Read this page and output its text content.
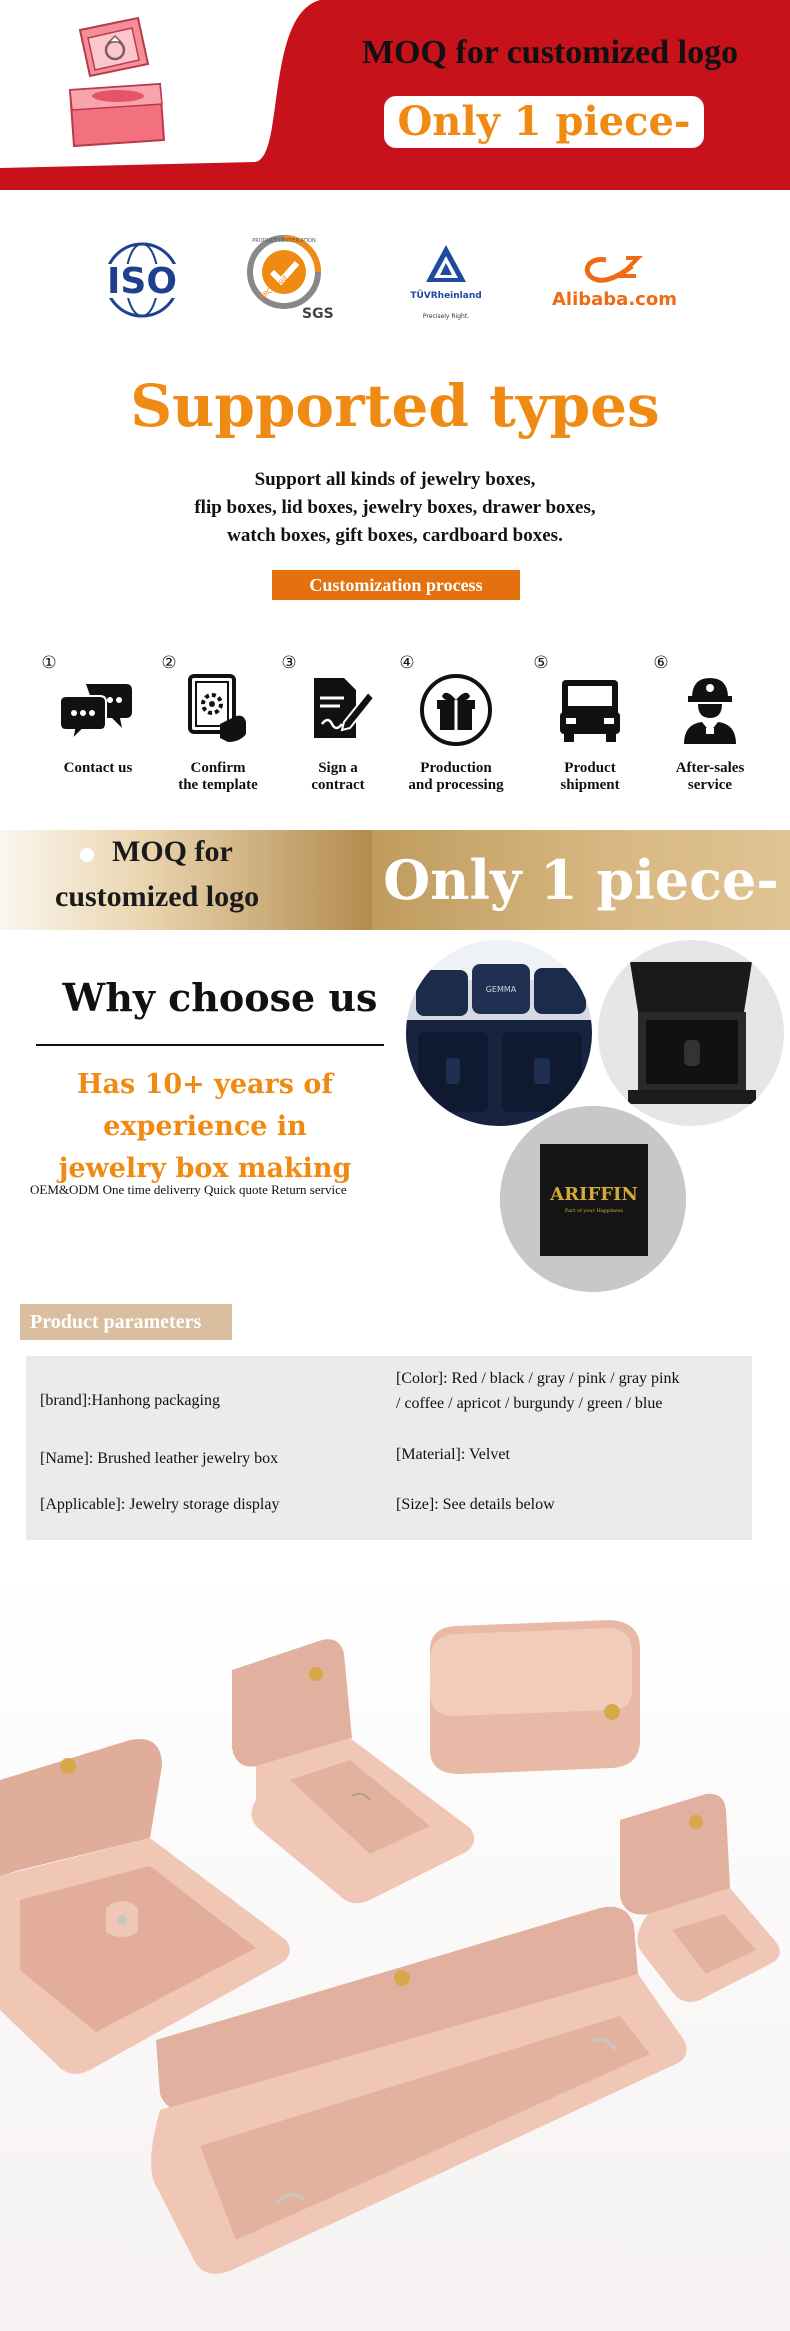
MOQ for customized logo
Only 1 piece-
ISO
PRODUCT CERTIFICATION
BRC Food
SGS
TÜVRheinland
Precisely Right.
Alibaba.com
Supported types
Support all kinds of jewelry boxes,
flip boxes, lid boxes, jewelry boxes, drawer boxes,
watch boxes, gift boxes, cardboard boxes.
Customization process
①
Contact us
②
Confirm
the template
③
Sign a
contract
④
Production
and processing
⑤
Product
shipment
⑥
After-sales
service
MOQ for
customized logo Only 1 piece-
Why choose us
Has 10+ years of experience in
jewelry box making
OEM&ODM One time deliverry Quick quote Return service
GEMMA
ARIFFIN
Part of your Happiness
Product parameters
[brand]:Hanhong packaging
[Color]: Red / black / gray / pink / gray pink
/ coffee / apricot / burgundy / green / blue
[Name]: Brushed leather jewelry box	[Material]: Velvet
[Applicable]: Jewelry storage display	[Size]: See details below
